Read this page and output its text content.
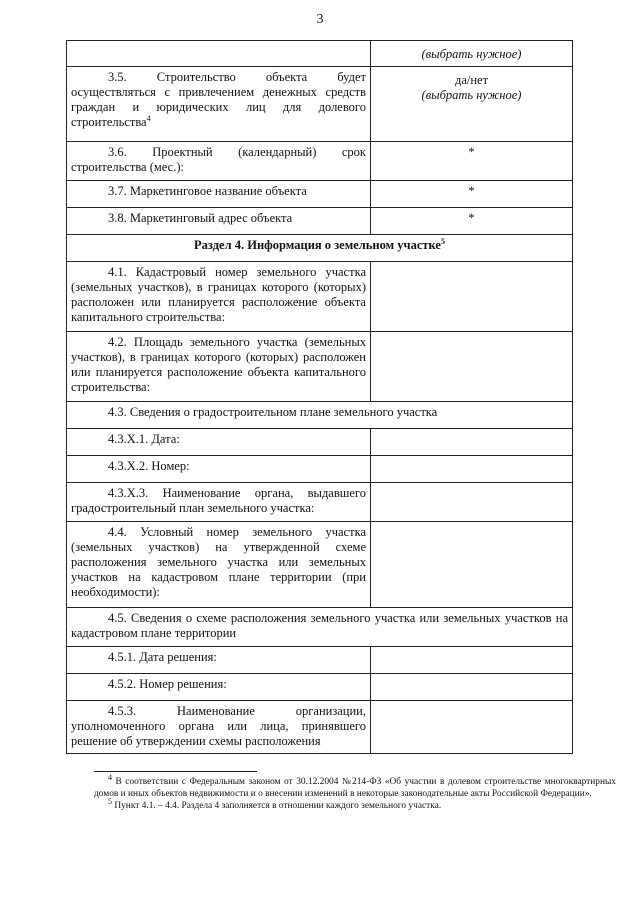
3
	(выбрать нужное)
3.5. Строительство объекта будет осуществляться с привлечением денежных средств граждан и юридических лиц для долевого строительства$^4$	да/нет
(выбрать нужное)

3.6. Проектный (календарный) срок строительства (мес.):	*
3.7. Маркетинговое название объекта	*
3.8. Маркетинговый адрес объекта	*
Раздел 4. Информация о земельном участке$^5$
4.1. Кадастровый номер земельного участка (земельных участков), в границах которого (которых) расположен или планируется расположение объекта капитального строительства:	
4.2. Площадь земельного участка (земельных участков), в границах которого (которых) расположен или планируется расположение объекта капитального строительства:	
4.3. Сведения о градостроительном плане земельного участка	
4.3.Х.1. Дата:	
4.3.Х.2. Номер:	
4.3.Х.3. Наименование органа, выдавшего градостроительный план земельного участка:	
4.4. Условный номер земельного участка (земельных участков) на утвержденной схеме расположения земельного участка или земельных участков на кадастровом плане территории (при необходимости):	
4.5. Сведения о схеме расположения земельного участка или земельных участков на кадастровом плане территории	
4.5.1. Дата решения:	
4.5.2. Номер решения:	
4.5.3. Наименование организации, уполномоченного органа или лица, принявшего решение об утверждении схемы расположения	

$^4$ В соответствии с Федеральным законом от 30.12.2004 №214-ФЗ «Об участии в долевом строительстве многоквартирных домов и иных объектов недвижимости и о внесении изменений в некоторые законодательные акты Российской Федерации».

$^5$ Пункт 4.1. – 4.4. Раздела 4 заполняется в отношении каждого земельного участка.
